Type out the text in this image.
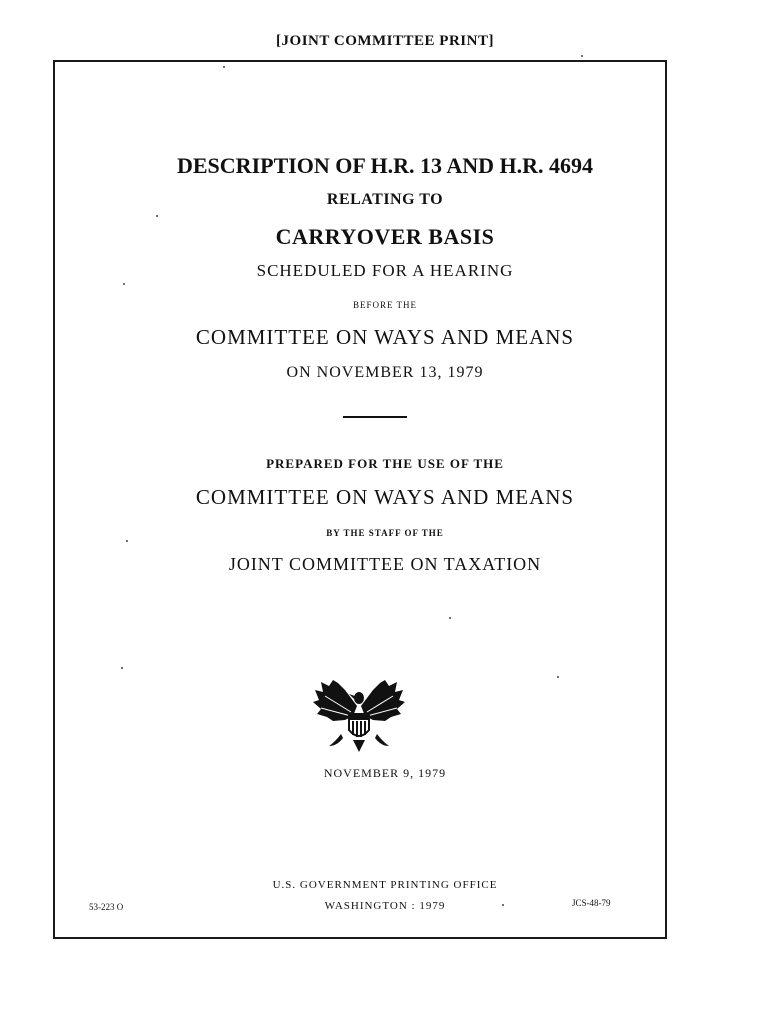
[JOINT COMMITTEE PRINT]
DESCRIPTION OF H.R. 13 AND H.R. 4694
RELATING TO
CARRYOVER BASIS
SCHEDULED FOR A HEARING
BEFORE THE
COMMITTEE ON WAYS AND MEANS
ON NOVEMBER 13, 1979
PREPARED FOR THE USE OF THE
COMMITTEE ON WAYS AND MEANS
BY THE STAFF OF THE
JOINT COMMITTEE ON TAXATION
NOVEMBER 9, 1979
U.S. GOVERNMENT PRINTING OFFICE
WASHINGTON : 1979
53-223 O	JCS-48-79
